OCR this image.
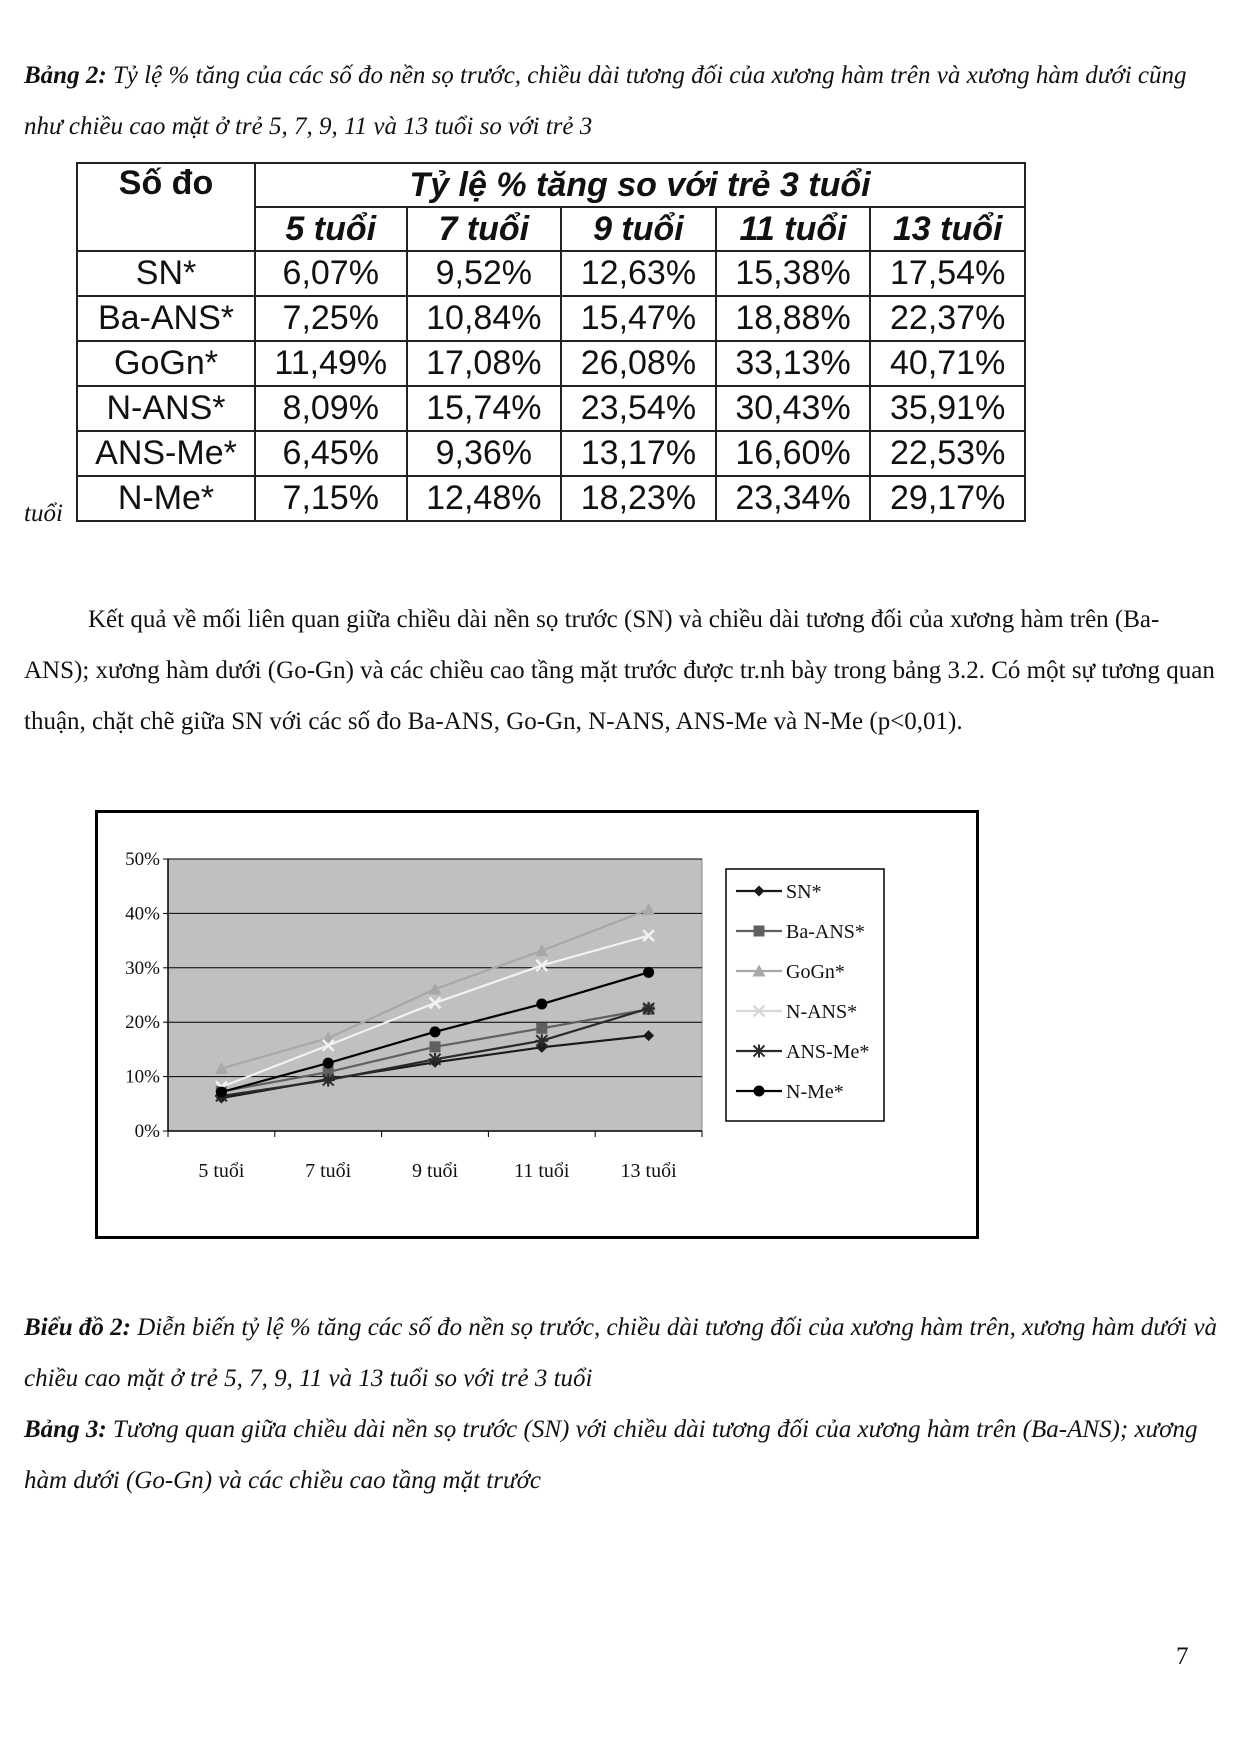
Bảng 2: Tỷ lệ % tăng của các số đo nền sọ trước, chiều dài tương đối của xương hàm trên và xương hàm dưới cũng như chiều cao mặt ở trẻ 5, 7, 9, 11 và 13 tuổi so với trẻ 3

Số đo	Tỷ lệ % tăng so với trẻ 3 tuổi				
	5 tuổi	7 tuổi	9 tuổi	11 tuổi	13 tuổi
SN*	6,07%	9,52%	12,63%	15,38%	17,54%
Ba-ANS*	7,25%	10,84%	15,47%	18,88%	22,37%
GoGn*	11,49%	17,08%	26,08%	33,13%	40,71%
N-ANS*	8,09%	15,74%	23,54%	30,43%	35,91%
ANS-Me*	6,45%	9,36%	13,17%	16,60%	22,53%
N-Me*	7,15%	12,48%	18,23%	23,34%	29,17%
tuổi

Kết quả về mối liên quan giữa chiều dài nền sọ trước (SN) và chiều dài tương đối của xương hàm trên (Ba-ANS); xương hàm dưới (Go-Gn) và các chiều cao tầng mặt trước được tr.nh bày trong bảng 3.2. Có một sự tương quan thuận, chặt chẽ giữa SN với các số đo Ba-ANS, Go-Gn, N-ANS, ANS-Me và N-Me (p<0,01).

0%
10%
20%
30%
40%
50%
5 tuổi	7 tuổi	9 tuổi	11 tuổi	13 tuổi
SN*
Ba-ANS*
GoGn*
N-ANS*
ANS-Me*
N-Me*

Biểu đồ 2: Diễn biến tỷ lệ % tăng các số đo nền sọ trước, chiều dài tương đối của xương hàm trên, xương hàm dưới và chiều cao mặt ở trẻ 5, 7, 9, 11 và 13 tuổi so với trẻ 3 tuổi

Bảng 3: Tương quan giữa chiều dài nền sọ trước (SN) với chiều dài tương đối của xương hàm trên (Ba-ANS); xương hàm dưới (Go-Gn) và các chiều cao tầng mặt trước

7
